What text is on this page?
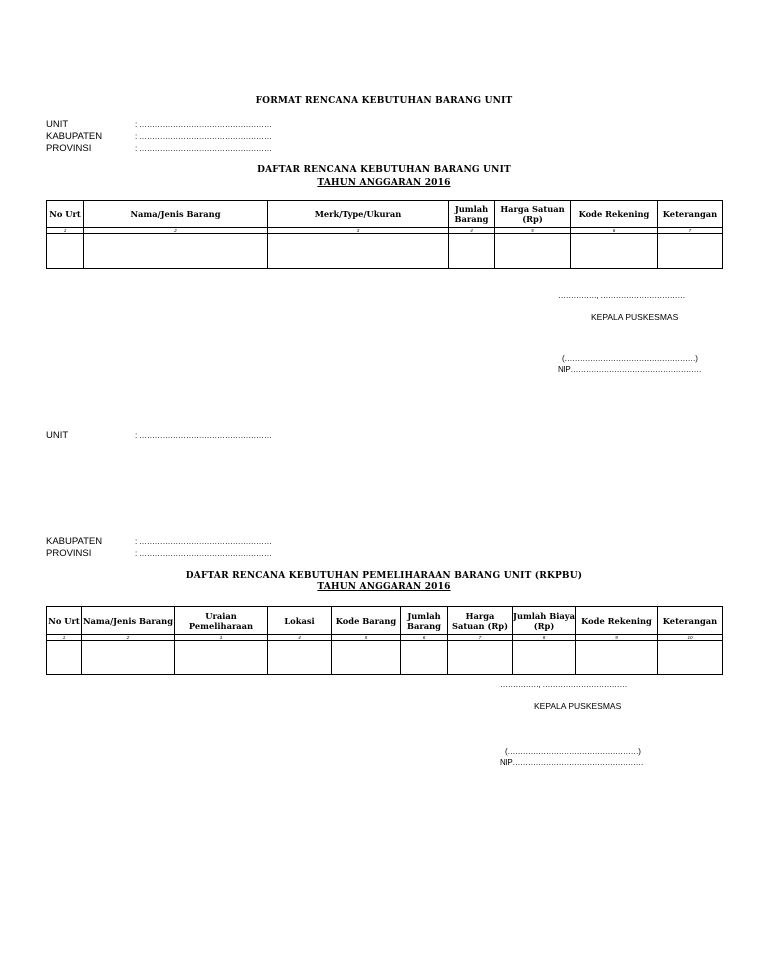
FORMAT RENCANA KEBUTUHAN BARANG UNIT
UNIT	: ……………………………………………
KABUPATEN	: ……………………………………………
PROVINSI	: ……………………………………………
DAFTAR RENCANA KEBUTUHAN BARANG UNIT
TAHUN ANGGARAN 2016
No Urt	Nama/Jenis Barang	Merk/Type/Ukuran	Jumlah Barang	Harga Satuan (Rp)	Kode Rekening	Keterangan
1	2	3	4	5	6	7

……………, ……………………………
KEPALA PUSKESMAS
(……………………………………………)
NIP……………………………………………
UNIT	: ……………………………………………
KABUPATEN	: ……………………………………………
PROVINSI	: ……………………………………………
DAFTAR RENCANA KEBUTUHAN PEMELIHARAAN BARANG UNIT (RKPBU)
TAHUN ANGGARAN 2016
No Urt	Nama/Jenis Barang	Uraian Pemeliharaan	Lokasi	Kode Barang	Jumlah Barang	Harga Satuan (Rp)	Jumlah Biaya (Rp)	Kode Rekening	Keterangan
1	2	3	4	5	6	7	8	9	10

……………, ……………………………
KEPALA PUSKESMAS
(……………………………………………)
NIP……………………………………………
